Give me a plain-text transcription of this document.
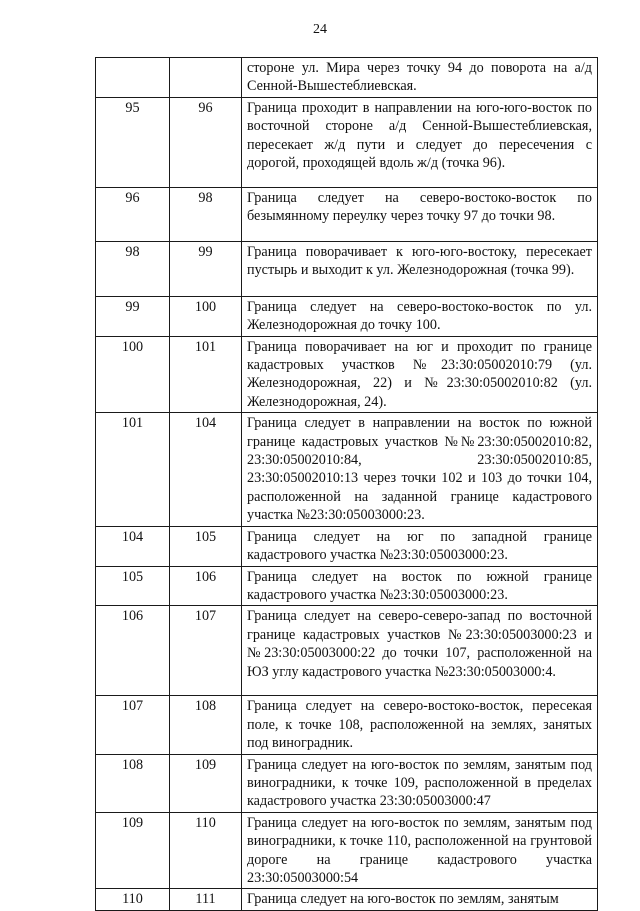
24
		стороне ул. Мира через точку 94 до поворота на а/д Сенной-Вышестеблиевская.
95	96	Граница проходит в направлении на юго-юго-восток по восточной стороне а/д Сенной-Вышестеблиевская, пересекает ж/д пути и следует до пересечения с дорогой, проходящей вдоль ж/д (точка 96).
96	98	Граница следует на северо-востоко-восток по безымянному переулку через точку 97 до точки 98.
98	99	Граница поворачивает к юго-юго-востоку, пересекает пустырь и выходит к ул. Железнодорожная (точка 99).
99	100	Граница следует на северо-востоко-восток по ул. Железнодорожная до точку 100.
100	101	Граница поворачивает на юг и проходит по границе кадастровых участков №23:30:05002010:79 (ул. Железнодорожная, 22) и №23:30:05002010:82 (ул. Железнодорожная, 24).
101	104	Граница следует в направлении на восток по южной границе кадастровых участков №№23:30:05002010:82, 23:30:05002010:84, 23:30:05002010:85, 23:30:05002010:13 через точки 102 и 103 до точки 104, расположенной на заданной границе кадастрового участка №23:30:05003000:23.
104	105	Граница следует на юг по западной границе кадастрового участка №23:30:05003000:23.
105	106	Граница следует на восток по южной границе кадастрового участка №23:30:05003000:23.
106	107	Граница следует на северо-северо-запад по восточной границе кадастровых участков №23:30:05003000:23 и №23:30:05003000:22 до точки 107, расположенной на ЮЗ углу кадастрового участка №23:30:05003000:4.
107	108	Граница следует на северо-востоко-восток, пересекая поле, к точке 108, расположенной на землях, занятых под виноградник.
108	109	Граница следует на юго-восток по землям, занятым под виноградники, к точке 109, расположенной в пределах кадастрового участка 23:30:05003000:47
109	110	Граница следует на юго-восток по землям, занятым под виноградники, к точке 110, расположенной на грунтовой дороге на границе кадастрового участка 23:30:05003000:54
110	111	Граница следует на юго-восток по землям, занятым
